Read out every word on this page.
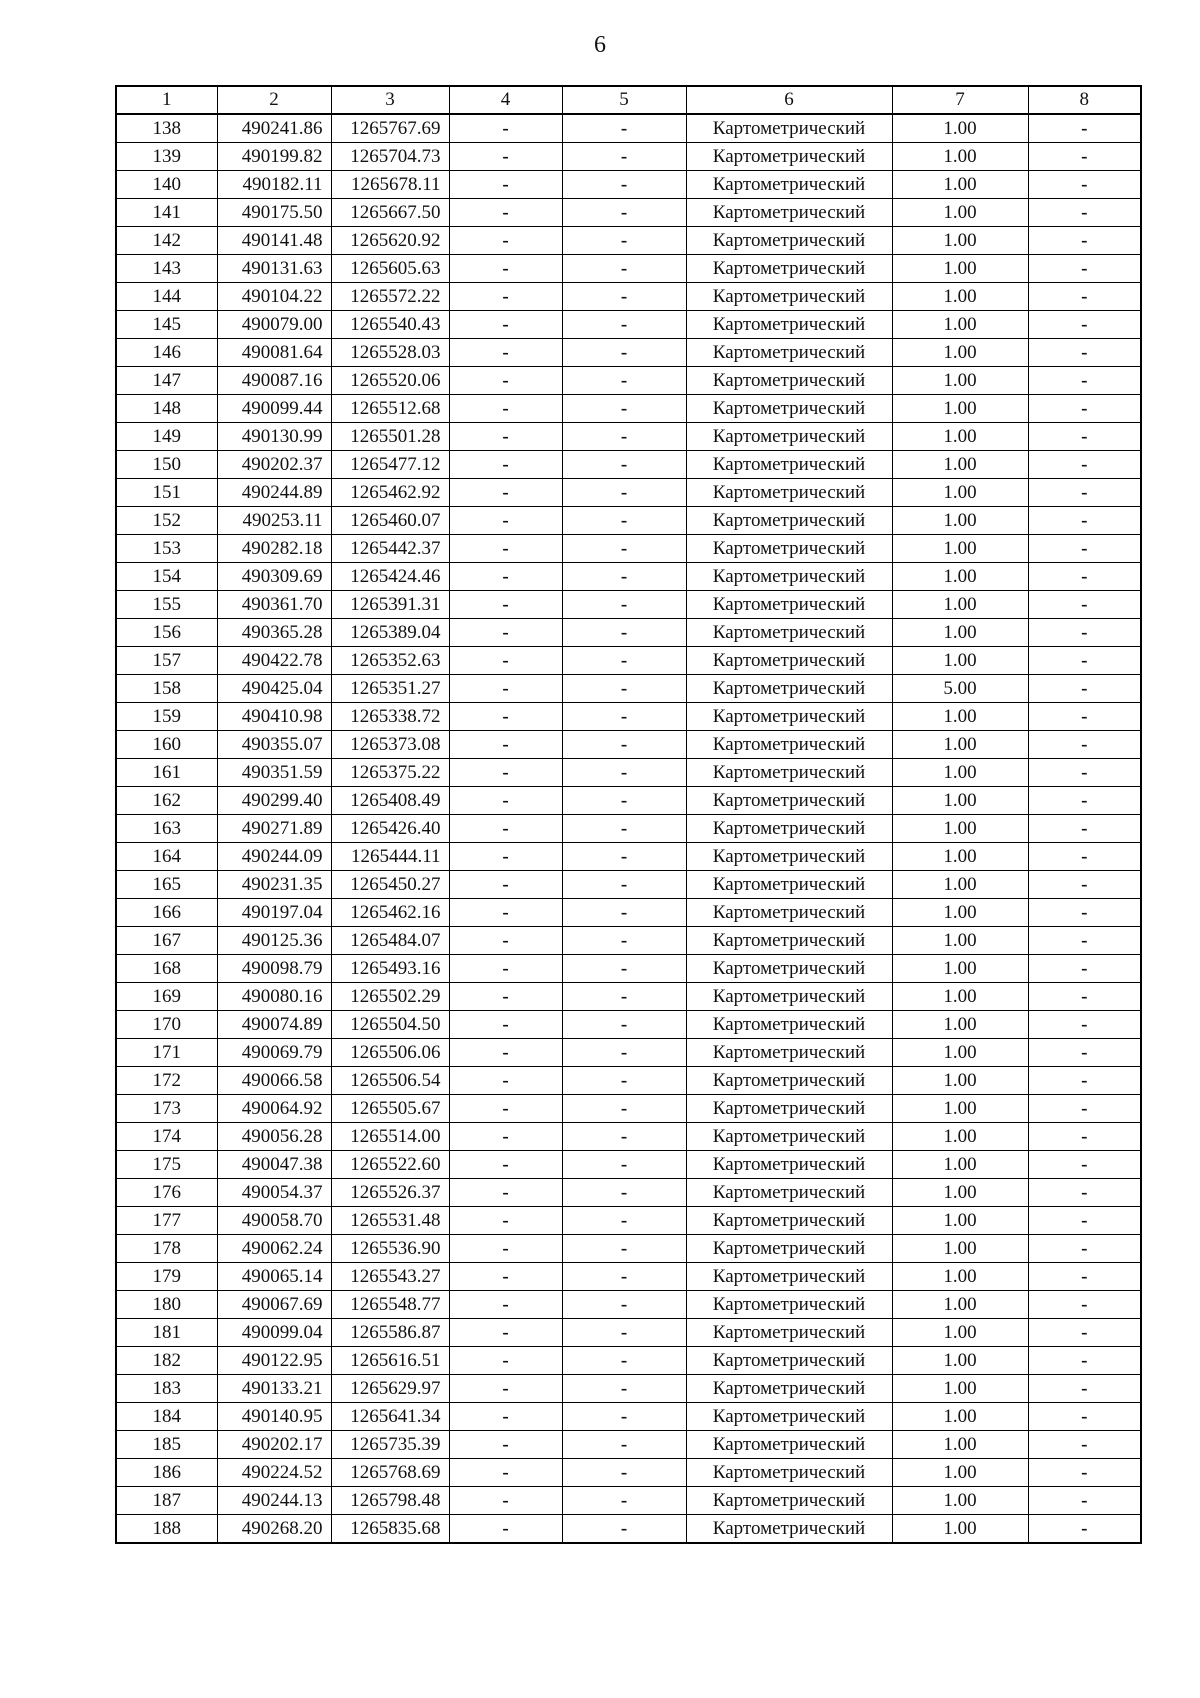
6
1	2	3	4	5	6	7	8
138	490241.86	1265767.69	-	-	Картометрический	1.00	-
139	490199.82	1265704.73	-	-	Картометрический	1.00	-
140	490182.11	1265678.11	-	-	Картометрический	1.00	-
141	490175.50	1265667.50	-	-	Картометрический	1.00	-
142	490141.48	1265620.92	-	-	Картометрический	1.00	-
143	490131.63	1265605.63	-	-	Картометрический	1.00	-
144	490104.22	1265572.22	-	-	Картометрический	1.00	-
145	490079.00	1265540.43	-	-	Картометрический	1.00	-
146	490081.64	1265528.03	-	-	Картометрический	1.00	-
147	490087.16	1265520.06	-	-	Картометрический	1.00	-
148	490099.44	1265512.68	-	-	Картометрический	1.00	-
149	490130.99	1265501.28	-	-	Картометрический	1.00	-
150	490202.37	1265477.12	-	-	Картометрический	1.00	-
151	490244.89	1265462.92	-	-	Картометрический	1.00	-
152	490253.11	1265460.07	-	-	Картометрический	1.00	-
153	490282.18	1265442.37	-	-	Картометрический	1.00	-
154	490309.69	1265424.46	-	-	Картометрический	1.00	-
155	490361.70	1265391.31	-	-	Картометрический	1.00	-
156	490365.28	1265389.04	-	-	Картометрический	1.00	-
157	490422.78	1265352.63	-	-	Картометрический	1.00	-
158	490425.04	1265351.27	-	-	Картометрический	5.00	-
159	490410.98	1265338.72	-	-	Картометрический	1.00	-
160	490355.07	1265373.08	-	-	Картометрический	1.00	-
161	490351.59	1265375.22	-	-	Картометрический	1.00	-
162	490299.40	1265408.49	-	-	Картометрический	1.00	-
163	490271.89	1265426.40	-	-	Картометрический	1.00	-
164	490244.09	1265444.11	-	-	Картометрический	1.00	-
165	490231.35	1265450.27	-	-	Картометрический	1.00	-
166	490197.04	1265462.16	-	-	Картометрический	1.00	-
167	490125.36	1265484.07	-	-	Картометрический	1.00	-
168	490098.79	1265493.16	-	-	Картометрический	1.00	-
169	490080.16	1265502.29	-	-	Картометрический	1.00	-
170	490074.89	1265504.50	-	-	Картометрический	1.00	-
171	490069.79	1265506.06	-	-	Картометрический	1.00	-
172	490066.58	1265506.54	-	-	Картометрический	1.00	-
173	490064.92	1265505.67	-	-	Картометрический	1.00	-
174	490056.28	1265514.00	-	-	Картометрический	1.00	-
175	490047.38	1265522.60	-	-	Картометрический	1.00	-
176	490054.37	1265526.37	-	-	Картометрический	1.00	-
177	490058.70	1265531.48	-	-	Картометрический	1.00	-
178	490062.24	1265536.90	-	-	Картометрический	1.00	-
179	490065.14	1265543.27	-	-	Картометрический	1.00	-
180	490067.69	1265548.77	-	-	Картометрический	1.00	-
181	490099.04	1265586.87	-	-	Картометрический	1.00	-
182	490122.95	1265616.51	-	-	Картометрический	1.00	-
183	490133.21	1265629.97	-	-	Картометрический	1.00	-
184	490140.95	1265641.34	-	-	Картометрический	1.00	-
185	490202.17	1265735.39	-	-	Картометрический	1.00	-
186	490224.52	1265768.69	-	-	Картометрический	1.00	-
187	490244.13	1265798.48	-	-	Картометрический	1.00	-
188	490268.20	1265835.68	-	-	Картометрический	1.00	-
